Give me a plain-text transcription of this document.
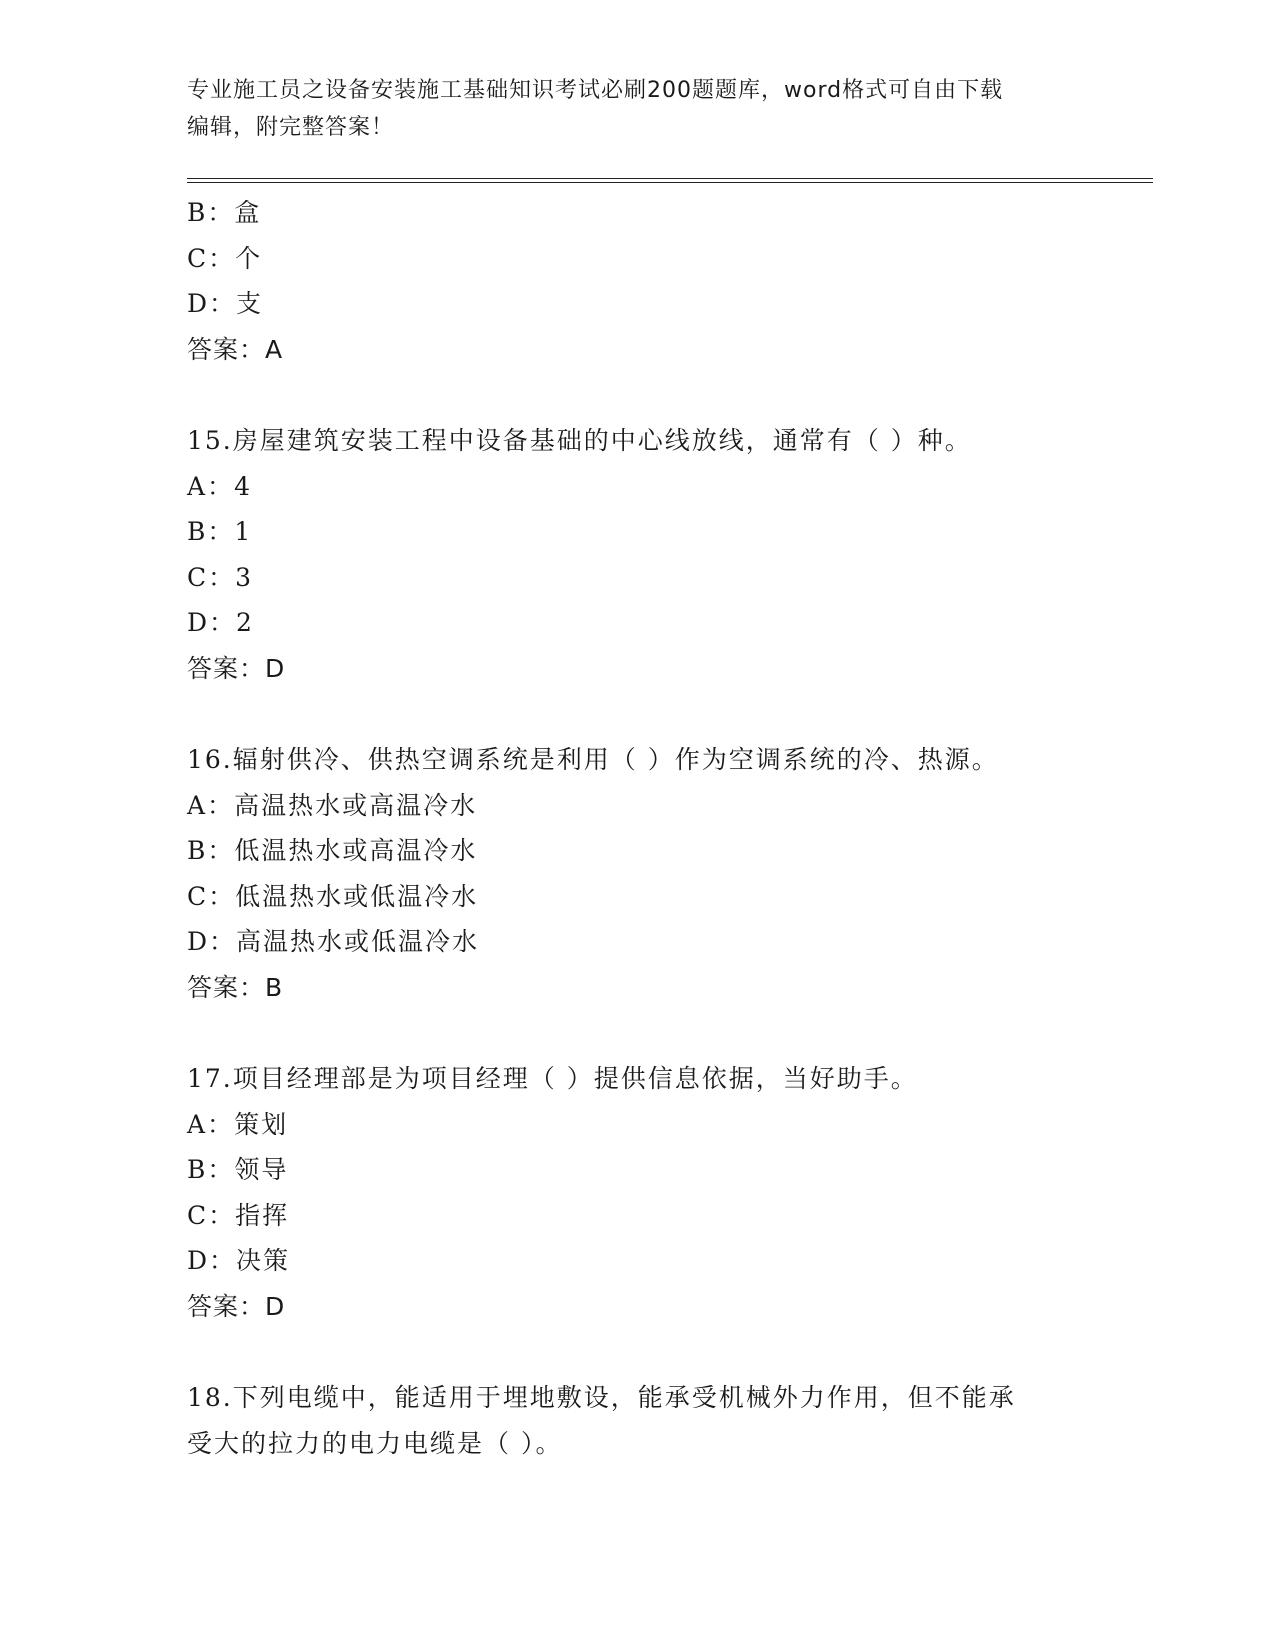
专业施工员之设备安装施工基础知识考试必刷200题题库，word格式可自由下载
编辑，附完整答案！
B：盒
C：个
D：支
答案：A
15.房屋建筑安装工程中设备基础的中心线放线，通常有（ ）种。
A：4
B：1
C：3
D：2
答案：D
16.辐射供冷、供热空调系统是利用（ ）作为空调系统的冷、热源。
A：高温热水或高温冷水
B：低温热水或高温冷水
C：低温热水或低温冷水
D：高温热水或低温冷水
答案：B
17.项目经理部是为项目经理（ ）提供信息依据，当好助手。
A：策划
B：领导
C：指挥
D：决策
答案：D
18.下列电缆中，能适用于埋地敷设，能承受机械外力作用，但不能承
受大的拉力的电力电缆是（ ）。
